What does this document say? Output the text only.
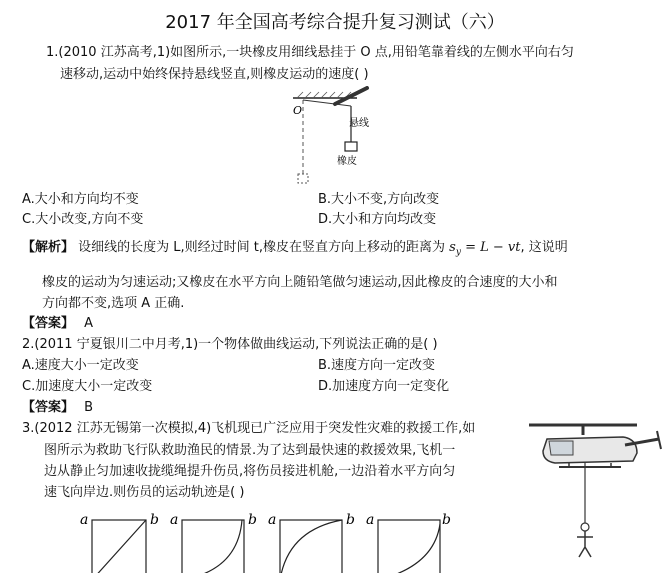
2017 年全国高考综合提升复习测试（六）
1.(2010 江苏高考,1)如图所示,一块橡皮用细线悬挂于 O 点,用铅笔靠着线的左侧水平向右匀
速移动,运动中始终保持悬线竖直,则橡皮运动的速度( )
O
悬线
橡皮
A.大小和方向均不变	B.大小不变,方向改变
C.大小改变,方向不变	D.大小和方向均改变
【解析】 设细线的长度为 L,则经过时间 t,橡皮在竖直方向上移动的距离为 $s_y = L$ − vt, 这说明
橡皮的运动为匀速运动;又橡皮在水平方向上随铅笔做匀速运动,因此橡皮的合速度的大小和
方向都不变,选项 A 正确.
【答案】 A
2.(2011 宁夏银川二中月考,1)一个物体做曲线运动,下列说法正确的是( )
A.速度大小一定改变	B.速度方向一定改变
C.加速度大小一定改变	D.加速度方向一定变化
【答案】 B
3.(2012 江苏无锡第一次模拟,4)飞机现已广泛应用于突发性灾难的救援工作,如
图所示为救助飞行队救助渔民的情景.为了达到最快速的救援效果,飞机一
边从静止匀加速收拢缆绳提升伤员,将伤员接进机舱,一边沿着水平方向匀
速飞向岸边.则伤员的运动轨迹是( )
a	b a	b a	b a	b
